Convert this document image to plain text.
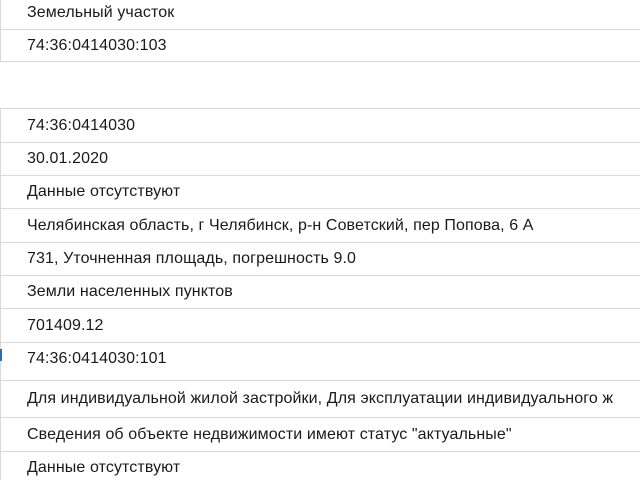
Земельный участок
74:36:0414030:103
74:36:0414030
30.01.2020
Данные отсутствуют
Челябинская область, г Челябинск, р-н Советский, пер Попова, 6 А
731, Уточненная площадь, погрешность 9.0
Земли населенных пунктов
701409.12
74:36:0414030:101
Для индивидуальной жилой застройки, Для эксплуатации индивидуального ж
Сведения об объекте недвижимости имеют статус "актуальные"
Данные отсутствуют
